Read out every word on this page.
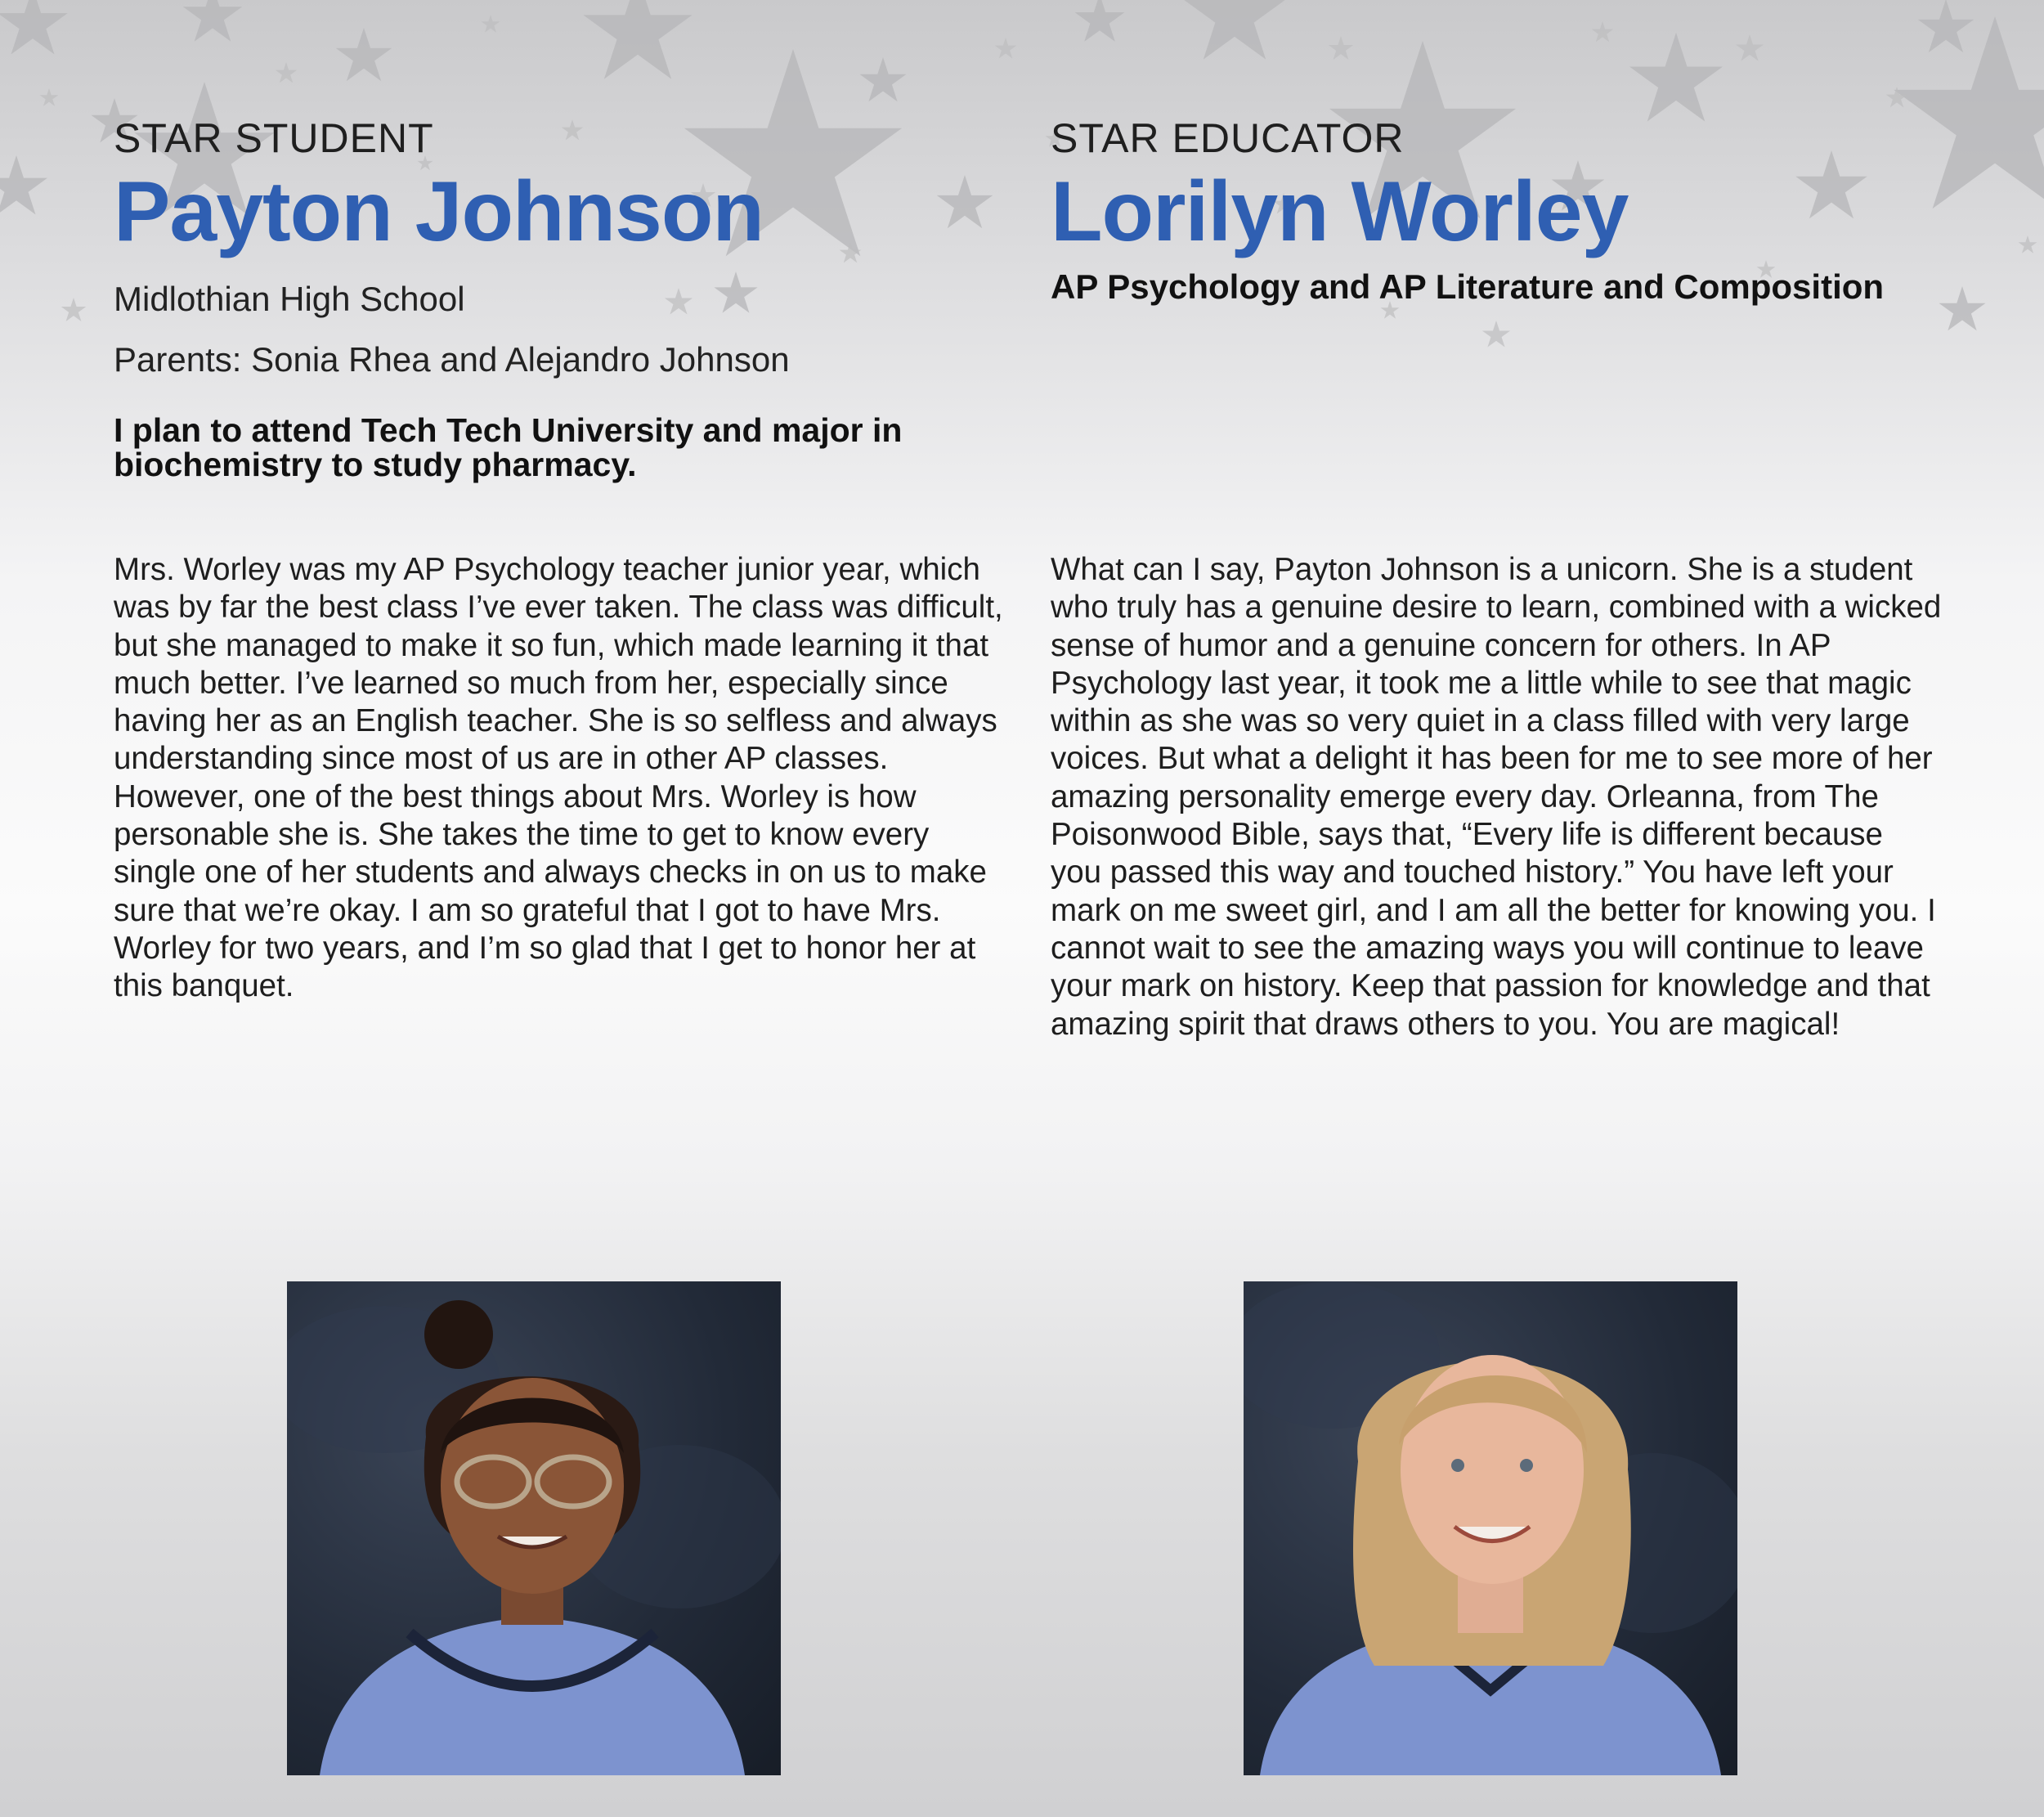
STAR STUDENT
Payton Johnson
Midlothian High School
Parents: Sonia Rhea and Alejandro Johnson
I plan to attend Tech Tech University and major in biochemistry to study pharmacy.
Mrs. Worley was my AP Psychology teacher junior year, which was by far the best class I’ve ever taken. The class was difficult, but she managed to make it so fun, which made learning it that much better. I’ve learned so much from her, especially since having her as an English teacher. She is so selfless and always understanding since most of us are in other AP classes. However, one of the best things about Mrs. Worley is how personable she is. She takes the time to get to know every single one of her students and always checks in on us to make sure that we’re okay. I am so grateful that I got to have Mrs. Worley for two years, and I’m so glad that I get to honor her at this banquet.
STAR EDUCATOR
Lorilyn Worley
AP Psychology and AP Literature and Composition
What can I say, Payton Johnson is a unicorn. She is a student who truly has a genuine desire to learn, combined with a wicked sense of humor and a genuine concern for others. In AP Psychology last year, it took me a little while to see that magic within as she was so very quiet in a class filled with very large voices. But what a delight it has been for me to see more of her amazing personality emerge every day. Orleanna, from The Poisonwood Bible, says that, “Every life is different because you passed this way and touched history.” You have left your mark on me sweet girl, and I am all the better for knowing you. I cannot wait to see the amazing ways you will continue to leave your mark on history. Keep that passion for knowledge and that amazing spirit that draws others to you. You are magical!
